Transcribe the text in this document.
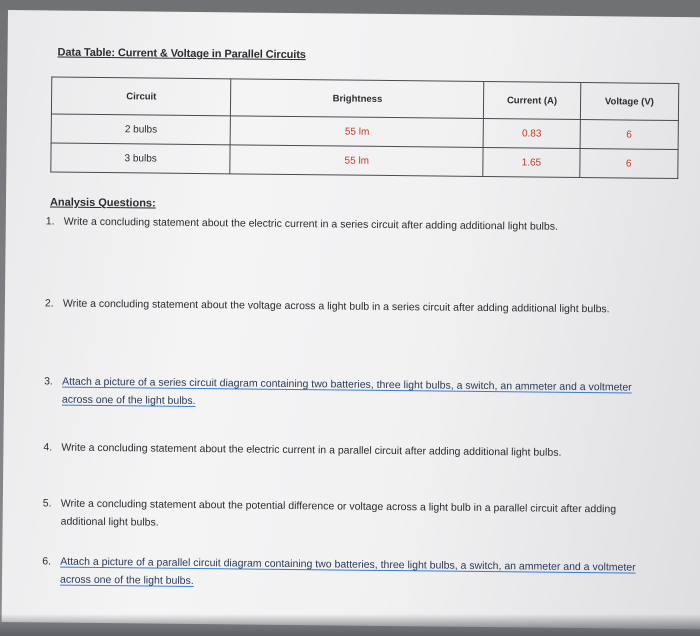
Data Table: Current & Voltage in Parallel Circuits
Circuit	Brightness	Current (A)	Voltage (V)
2 bulbs	55 lm	0.83	6
3 bulbs	55 lm	1.65	6
Analysis Questions:
1. Write a concluding statement about the electric current in a series circuit after adding additional light bulbs.
2. Write a concluding statement about the voltage across a light bulb in a series circuit after adding additional light bulbs.
3. Attach a picture of a series circuit diagram containing two batteries, three light bulbs, a switch, an ammeter and a voltmeter across one of the light bulbs.
4. Write a concluding statement about the electric current in a parallel circuit after adding additional light bulbs.
5. Write a concluding statement about the potential difference or voltage across a light bulb in a parallel circuit after adding additional light bulbs.
6. Attach a picture of a parallel circuit diagram containing two batteries, three light bulbs, a switch, an ammeter and a voltmeter across one of the light bulbs.
